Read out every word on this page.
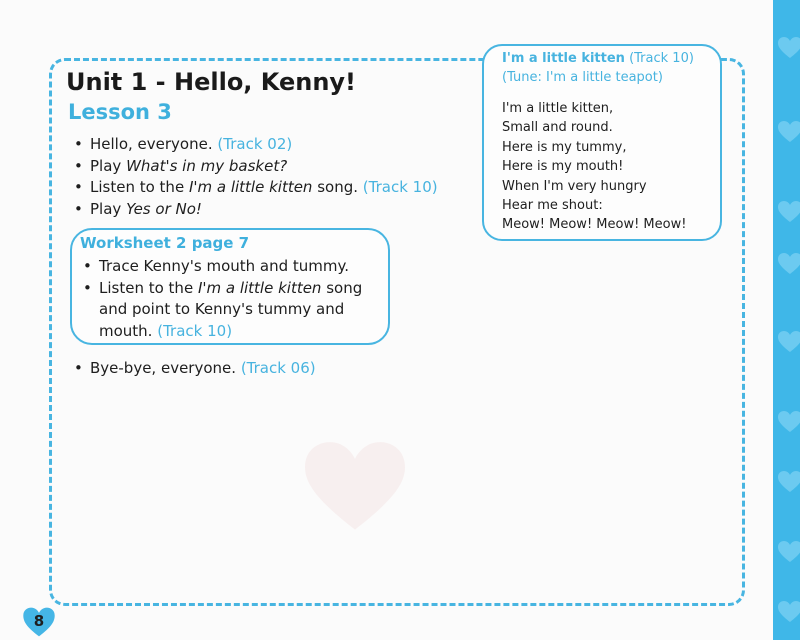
Unit 1 - Hello, Kenny!
Lesson 3
• Hello, everyone. (Track 02)
• Play What's in my basket?
• Listen to the I'm a little kitten song. (Track 10)
• Play Yes or No!
Worksheet 2 page 7
• Trace Kenny's mouth and tummy.
• Listen to the I'm a little kitten song and point to Kenny's tummy and mouth. (Track 10)
• Bye-bye, everyone. (Track 06)
I'm a little kitten (Track 10)
(Tune: I'm a little teapot)
I'm a little kitten,
Small and round.
Here is my tummy,
Here is my mouth!
When I'm very hungry
Hear me shout:
Meow! Meow! Meow! Meow!
8
